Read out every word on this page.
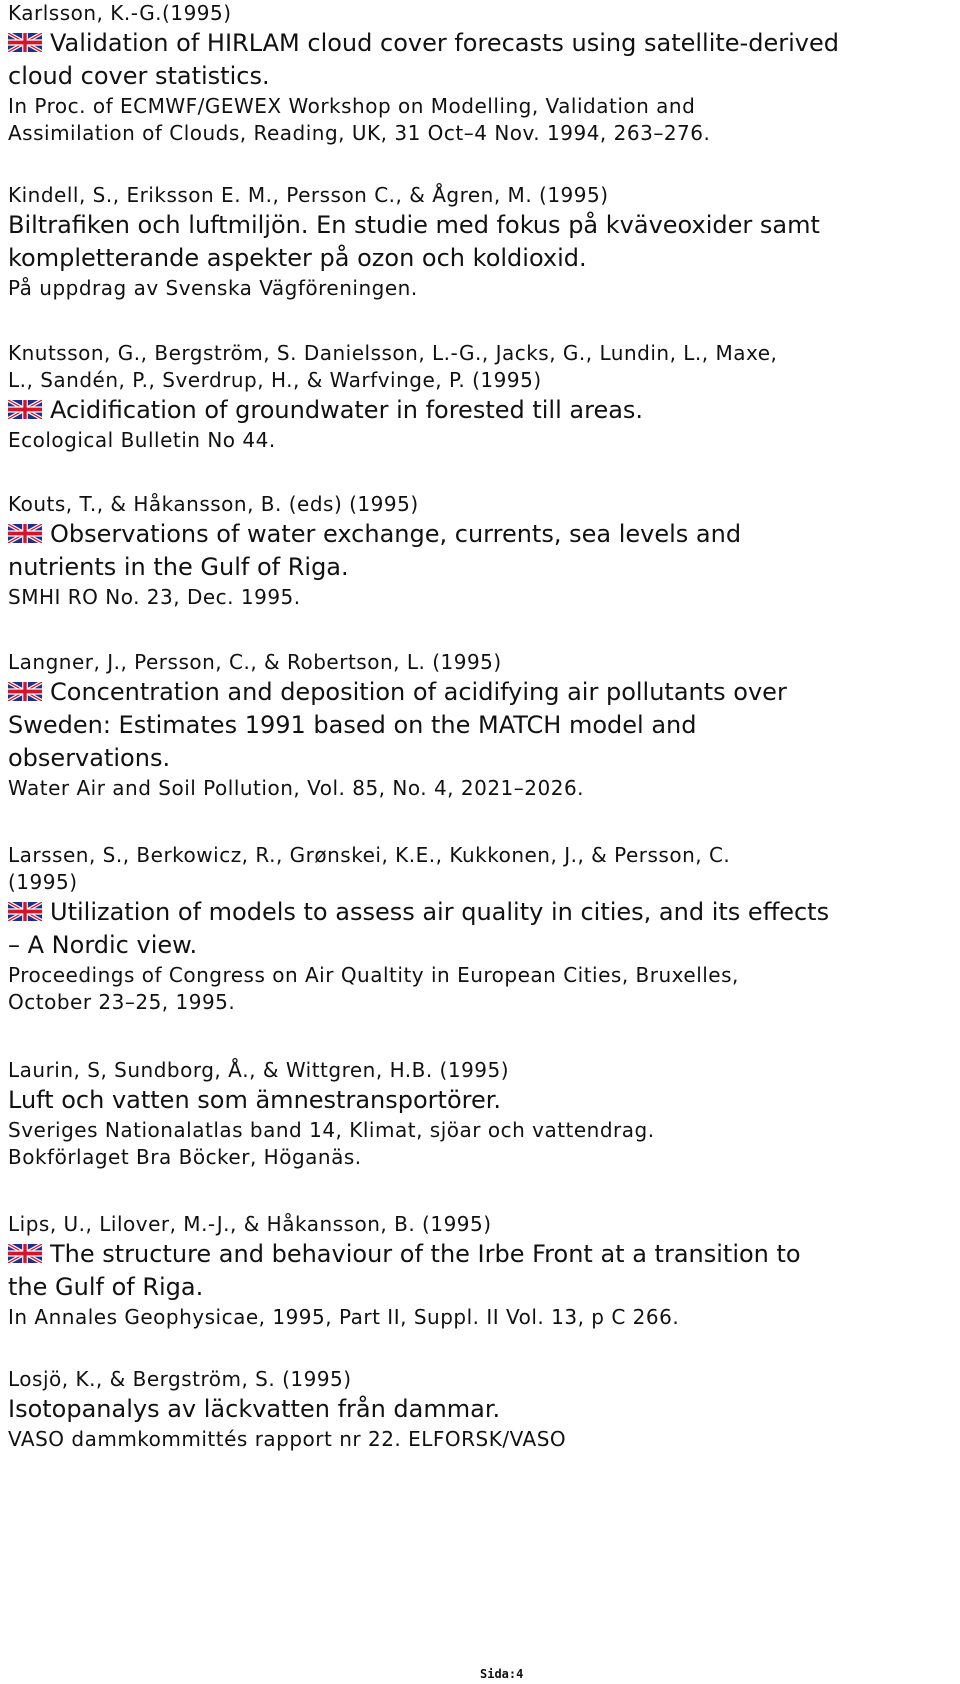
Karlsson, K.-G.(1995)
Validation of HIRLAM cloud cover forecasts using satellite-derived
cloud cover statistics.
In Proc. of ECMWF/GEWEX Workshop on Modelling, Validation and
Assimilation of Clouds, Reading, UK, 31 Oct–4 Nov. 1994, 263–276.
Kindell, S., Eriksson E. M., Persson C., & Ågren, M. (1995)
Biltrafiken och luftmiljön. En studie med fokus på kväveoxider samt
kompletterande aspekter på ozon och koldioxid.
På uppdrag av Svenska Vägföreningen.
Knutsson, G., Bergström, S. Danielsson, L.-G., Jacks, G., Lundin, L., Maxe,
L., Sandén, P., Sverdrup, H., & Warfvinge, P. (1995)
Acidification of groundwater in forested till areas.
Ecological Bulletin No 44.
Kouts, T., & Håkansson, B. (eds) (1995)
Observations of water exchange, currents, sea levels and
nutrients in the Gulf of Riga.
SMHI RO No. 23, Dec. 1995.
Langner, J., Persson, C., & Robertson, L. (1995)
Concentration and deposition of acidifying air pollutants over
Sweden: Estimates 1991 based on the MATCH model and
observations.
Water Air and Soil Pollution, Vol. 85, No. 4, 2021–2026.
Larssen, S., Berkowicz, R., Grønskei, K.E., Kukkonen, J., & Persson, C.
(1995)
Utilization of models to assess air quality in cities, and its effects
– A Nordic view.
Proceedings of Congress on Air Qualtity in European Cities, Bruxelles,
October 23–25, 1995.
Laurin, S, Sundborg, Å., & Wittgren, H.B. (1995)
Luft och vatten som ämnestransportörer.
Sveriges Nationalatlas band 14, Klimat, sjöar och vattendrag.
Bokförlaget Bra Böcker, Höganäs.
Lips, U., Lilover, M.-J., & Håkansson, B. (1995)
The structure and behaviour of the Irbe Front at a transition to
the Gulf of Riga.
In Annales Geophysicae, 1995, Part II, Suppl. II Vol. 13, p C 266.
Losjö, K., & Bergström, S. (1995)
Isotopanalys av läckvatten från dammar.
VASO dammkommittés rapport nr 22. ELFORSK/VASO
Sida:4
